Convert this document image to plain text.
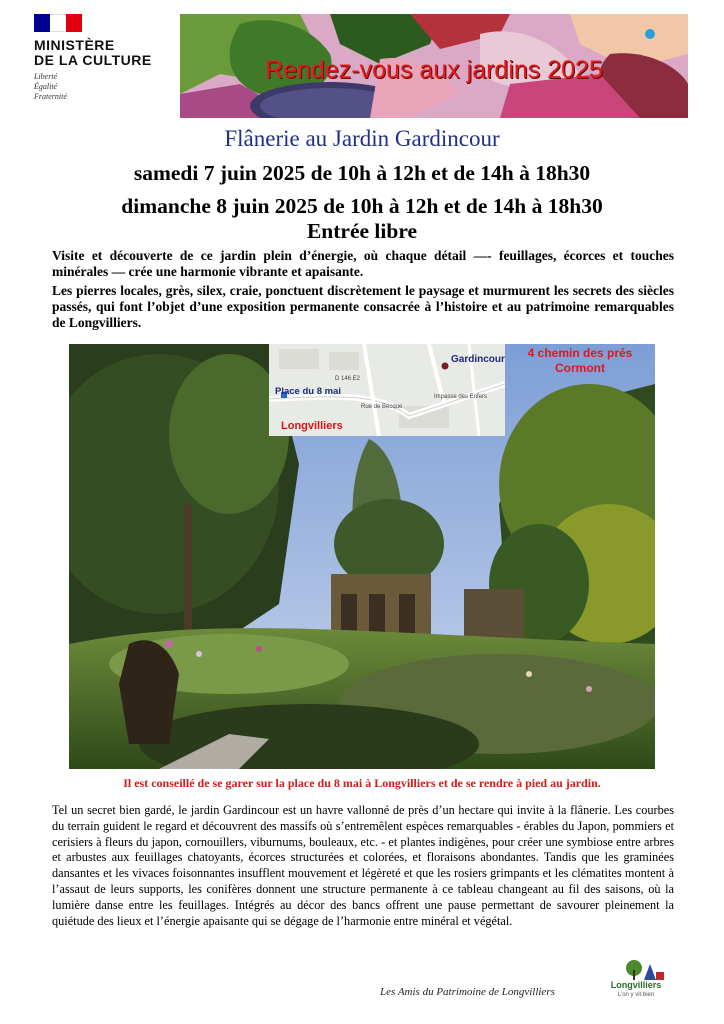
MINISTÈRE
DE LA CULTURE
Liberté
Égalité
Fraternité
Rendez-vous aux jardins 2025
Flânerie au Jardin Gardincour
samedi 7 juin 2025 de 10h à 12h et de 14h à 18h30
dimanche 8 juin 2025 de 10h à 12h et de 14h à 18h30
Entrée libre
Visite et découverte de ce jardin plein d’énergie, où chaque détail —- feuillages, écorces et touches minérales — crée une harmonie vibrante et apaisante.
Les pierres locales, grès, silex, craie, ponctuent discrètement le paysage et murmurent les secrets des siècles passés, qui font l’objet d’une exposition permanente consacrée à l’histoire et au patrimoine remarquables de Longvilliers.
Gardincour
D 146 E2
Place du 8 mai
Rue de Becque
Impasse des Enfers
Longvilliers
4 chemin des prés
Cormont
Il est conseillé de se garer sur la place du 8 mai à Longvilliers et de se rendre à pied au jardin.
Tel un secret bien gardé, le jardin Gardincour est un havre vallonné de près d’un hectare qui invite à la flânerie. Les courbes du terrain guident le regard et découvrent des massifs où s’entremêlent espèces remarquables - érables du Japon, pommiers et cerisiers à fleurs du japon, cornouillers, viburnums, bouleaux, etc. - et plantes indigènes, pour créer une symbiose entre arbres et arbustes aux feuillages chatoyants, écorces structurées et colorées, et floraisons abondantes. Tandis que les graminées dansantes et les vivaces foisonnantes insufflent mouvement et légèreté et que les rosiers grimpants et les clématites montent à l’assaut de leurs supports, les conifères donnent une structure permanente à ce tableau changeant au fil des saisons, où la lumière danse entre les feuillages. Intégrés au décor des bancs offrent une pause permettant de savourer pleinement la quiétude des lieux et l’énergie apaisante qui se dégage de l’harmonie entre minéral et végétal.
Les Amis du Patrimoine de Longvilliers
Longvilliers
L'on y vit bien
